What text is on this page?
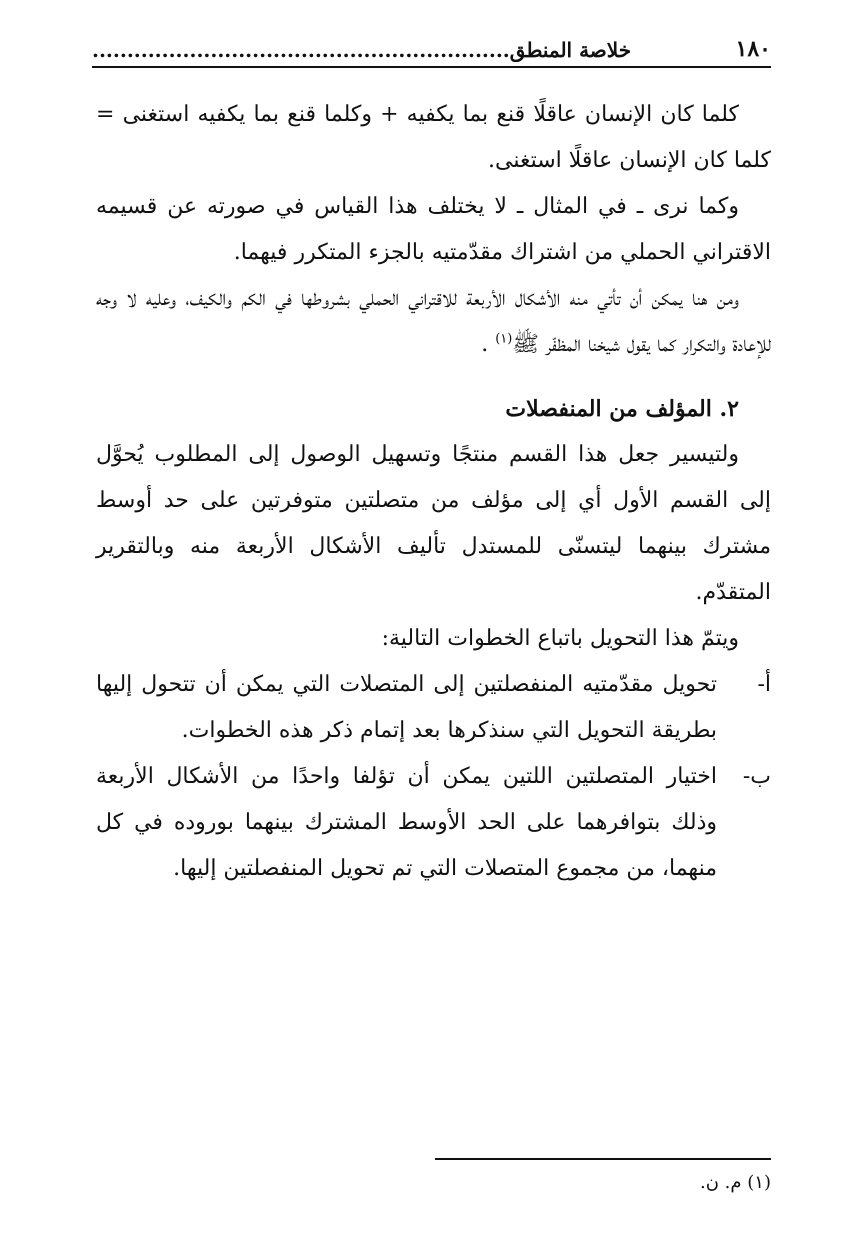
١٨٠
خلاصة المنطق............................................................

كلما كان الإنسان عاقلًا قنع بما يكفيه + وكلما قنع بما يكفيه استغنى = كلما كان الإنسان عاقلًا استغنى.

وكما نرى ـ في المثال ـ لا يختلف هذا القياس في صورته عن قسيمه الاقتراني الحملي من اشتراك مقدّمتيه بالجزء المتكرر فيهما.

ومن هنا يمكن أن تأتي منه الأشكال الأربعة للاقتراني الحملي بشروطها في الكم والكيف، وعليه لا وجه للإعادة والتكرار كما يقول شيخنا المظفّر ﷺ$^{(١)}$ .

٢. المؤلف من المنفصلات

ولتيسير جعل هذا القسم منتجًا وتسهيل الوصول إلى المطلوب يُحوَّل إلى القسم الأول أي إلى مؤلف من متصلتين متوفرتين على حد أوسط مشترك بينهما ليتسنّى للمستدل تأليف الأشكال الأربعة منه وبالتقرير المتقدّم.

ويتمّ هذا التحويل باتباع الخطوات التالية:

أ-
تحويل مقدّمتيه المنفصلتين إلى المتصلات التي يمكن أن تتحول إليها بطريقة التحويل التي سنذكرها بعد إتمام ذكر هذه الخطوات.
ب-
اختيار المتصلتين اللتين يمكن أن تؤلفا واحدًا من الأشكال الأربعة وذلك بتوافرهما على الحد الأوسط المشترك بينهما بوروده في كل منهما، من مجموع المتصلات التي تم تحويل المنفصلتين إليها.
(١) م. ن.
